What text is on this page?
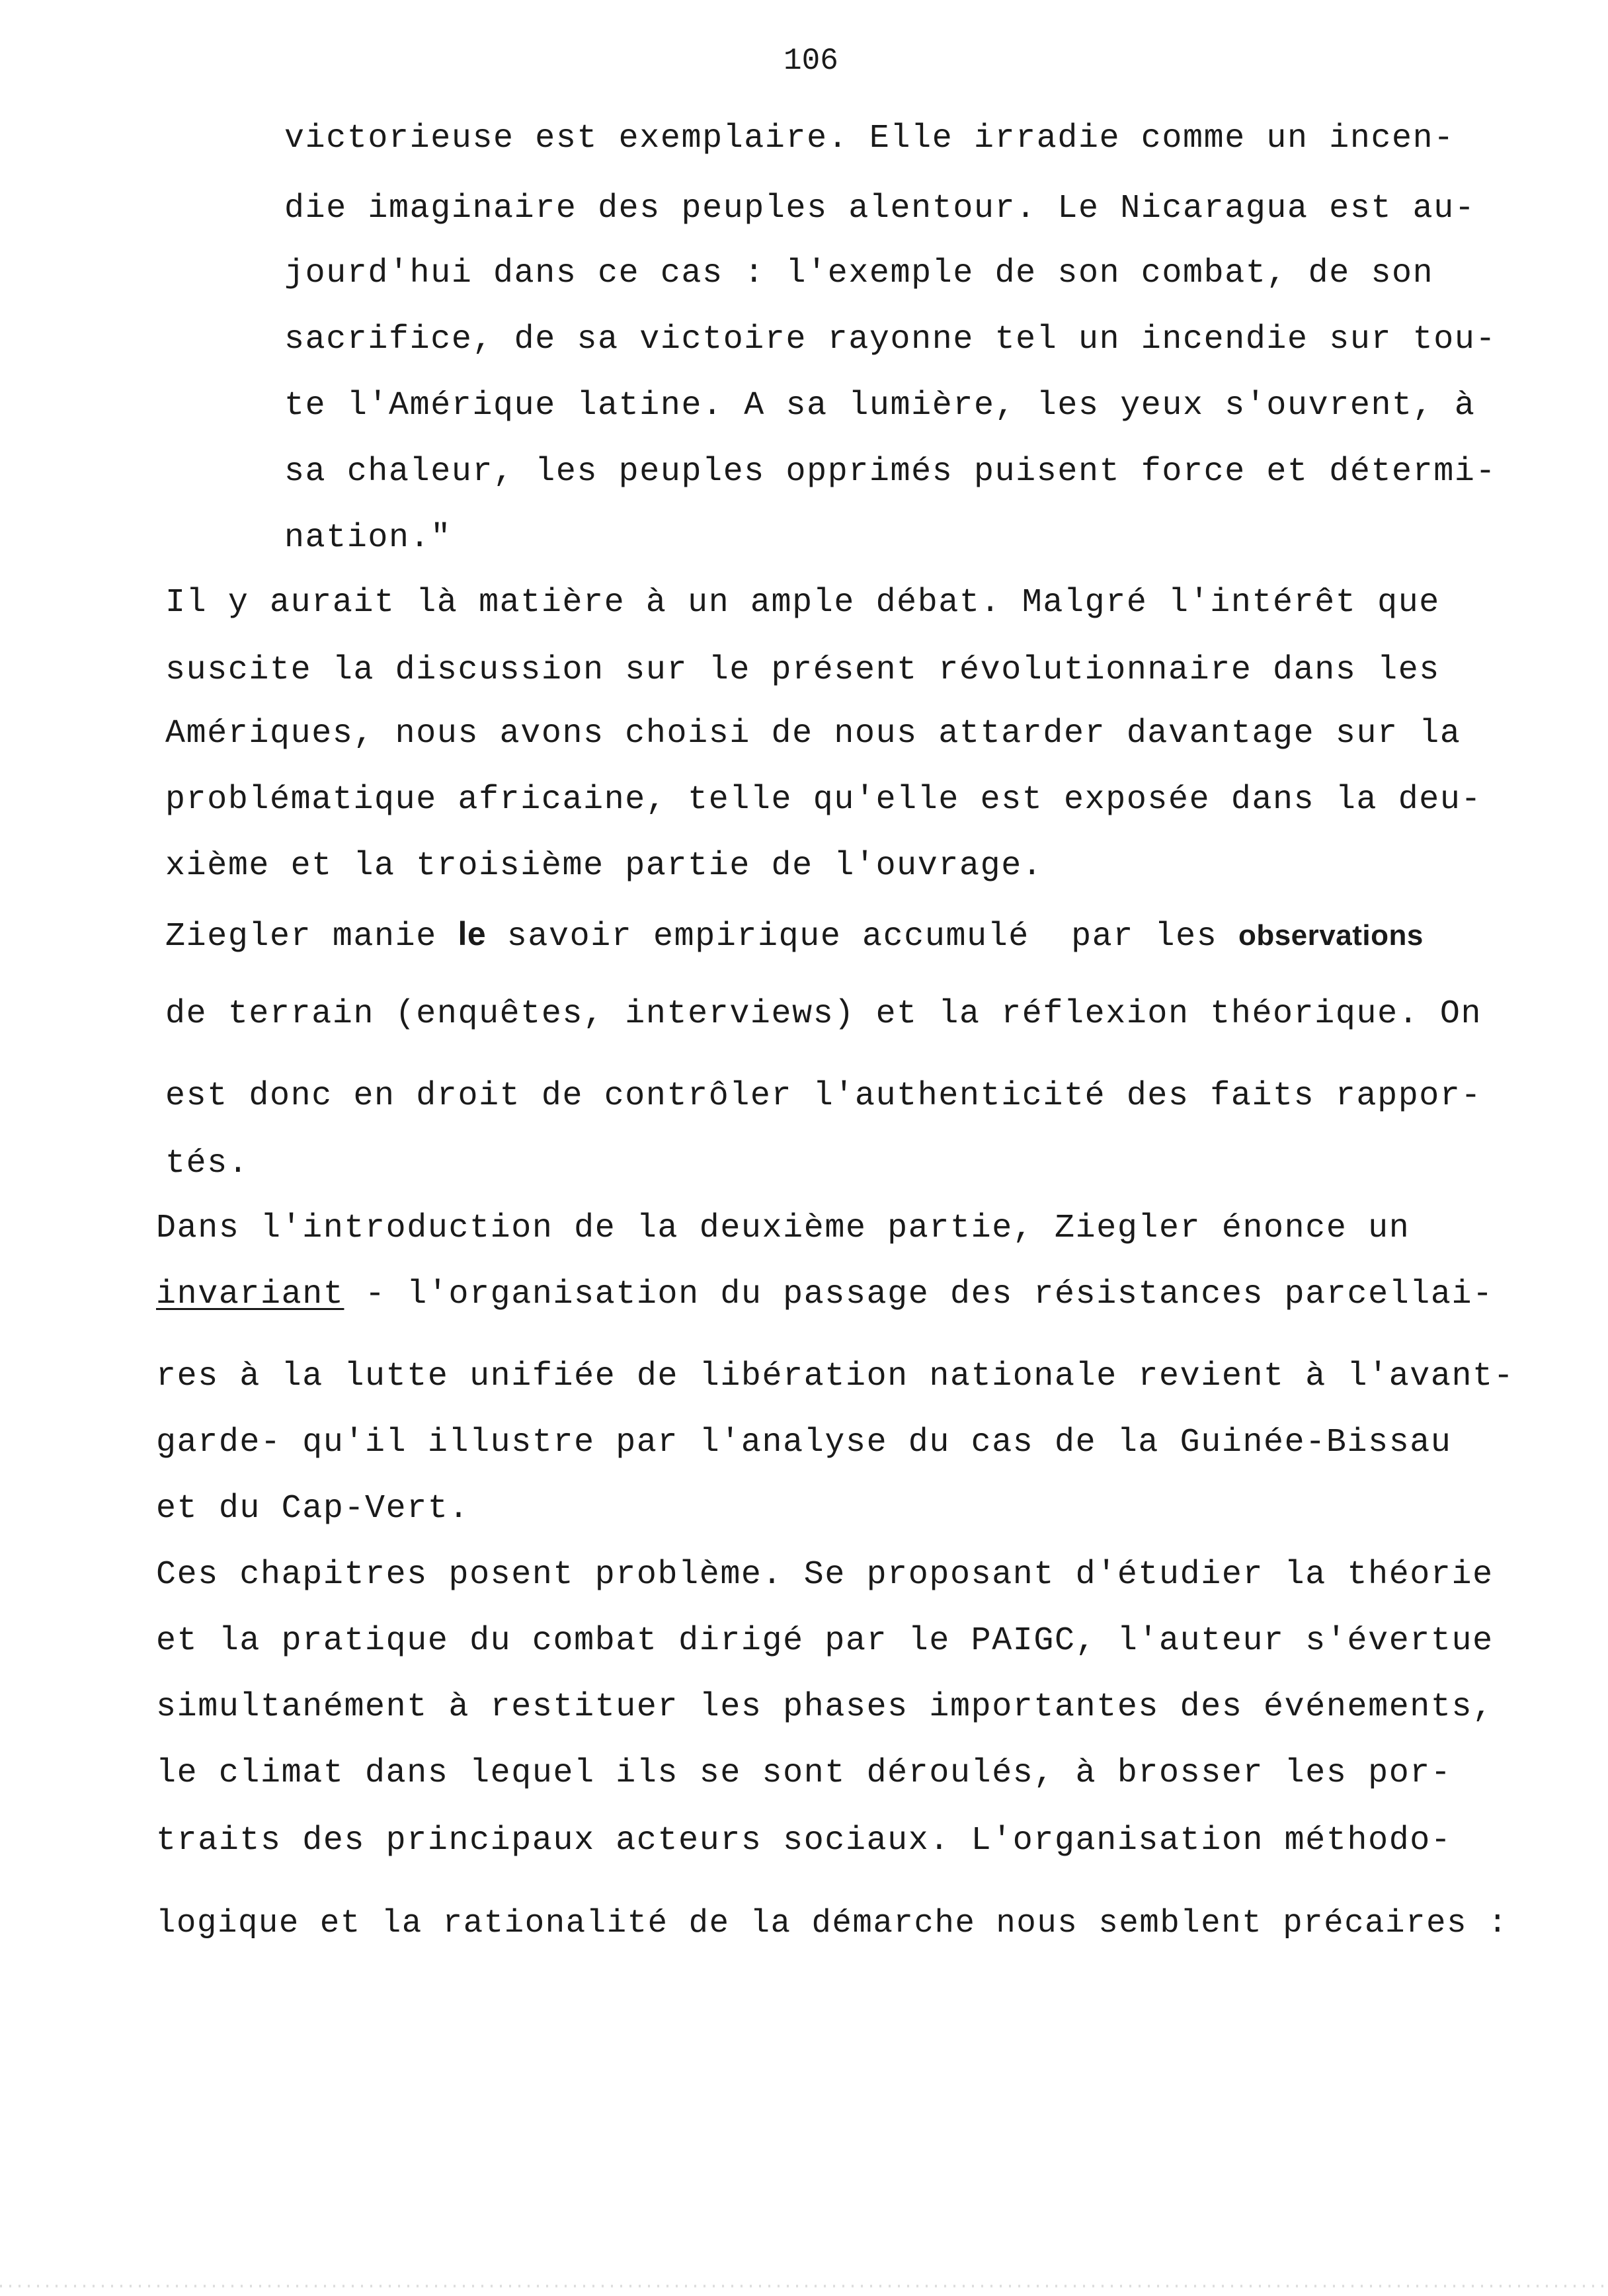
106
victorieuse est exemplaire. Elle irradie comme un incen-
die imaginaire des peuples alentour. Le Nicaragua est au-
jourd'hui dans ce cas : l'exemple de son combat, de son
sacrifice, de sa victoire rayonne tel un incendie sur tou-
te l'Amérique latine. A sa lumière, les yeux s'ouvrent, à
sa chaleur, les peuples opprimés puisent force et détermi-
nation."
Il y aurait là matière à un ample débat. Malgré l'intérêt que
suscite la discussion sur le présent révolutionnaire dans les
Amériques, nous avons choisi de nous attarder davantage sur la
problématique africaine, telle qu'elle est exposée dans la deu-
xième et la troisième partie de l'ouvrage.
Ziegler manie le savoir empirique accumulé  par les observations
de terrain (enquêtes, interviews) et la réflexion théorique. On
est donc en droit de contrôler l'authenticité des faits rappor-
tés.
Dans l'introduction de la deuxième partie, Ziegler énonce un
invariant - l'organisation du passage des résistances parcellai-
res à la lutte unifiée de libération nationale revient à l'avant-
garde- qu'il illustre par l'analyse du cas de la Guinée-Bissau
et du Cap-Vert.
Ces chapitres posent problème. Se proposant d'étudier la théorie
et la pratique du combat dirigé par le PAIGC, l'auteur s'évertue
simultanément à restituer les phases importantes des événements,
le climat dans lequel ils se sont déroulés, à brosser les por-
traits des principaux acteurs sociaux. L'organisation méthodo-
logique et la rationalité de la démarche nous semblent précaires :
